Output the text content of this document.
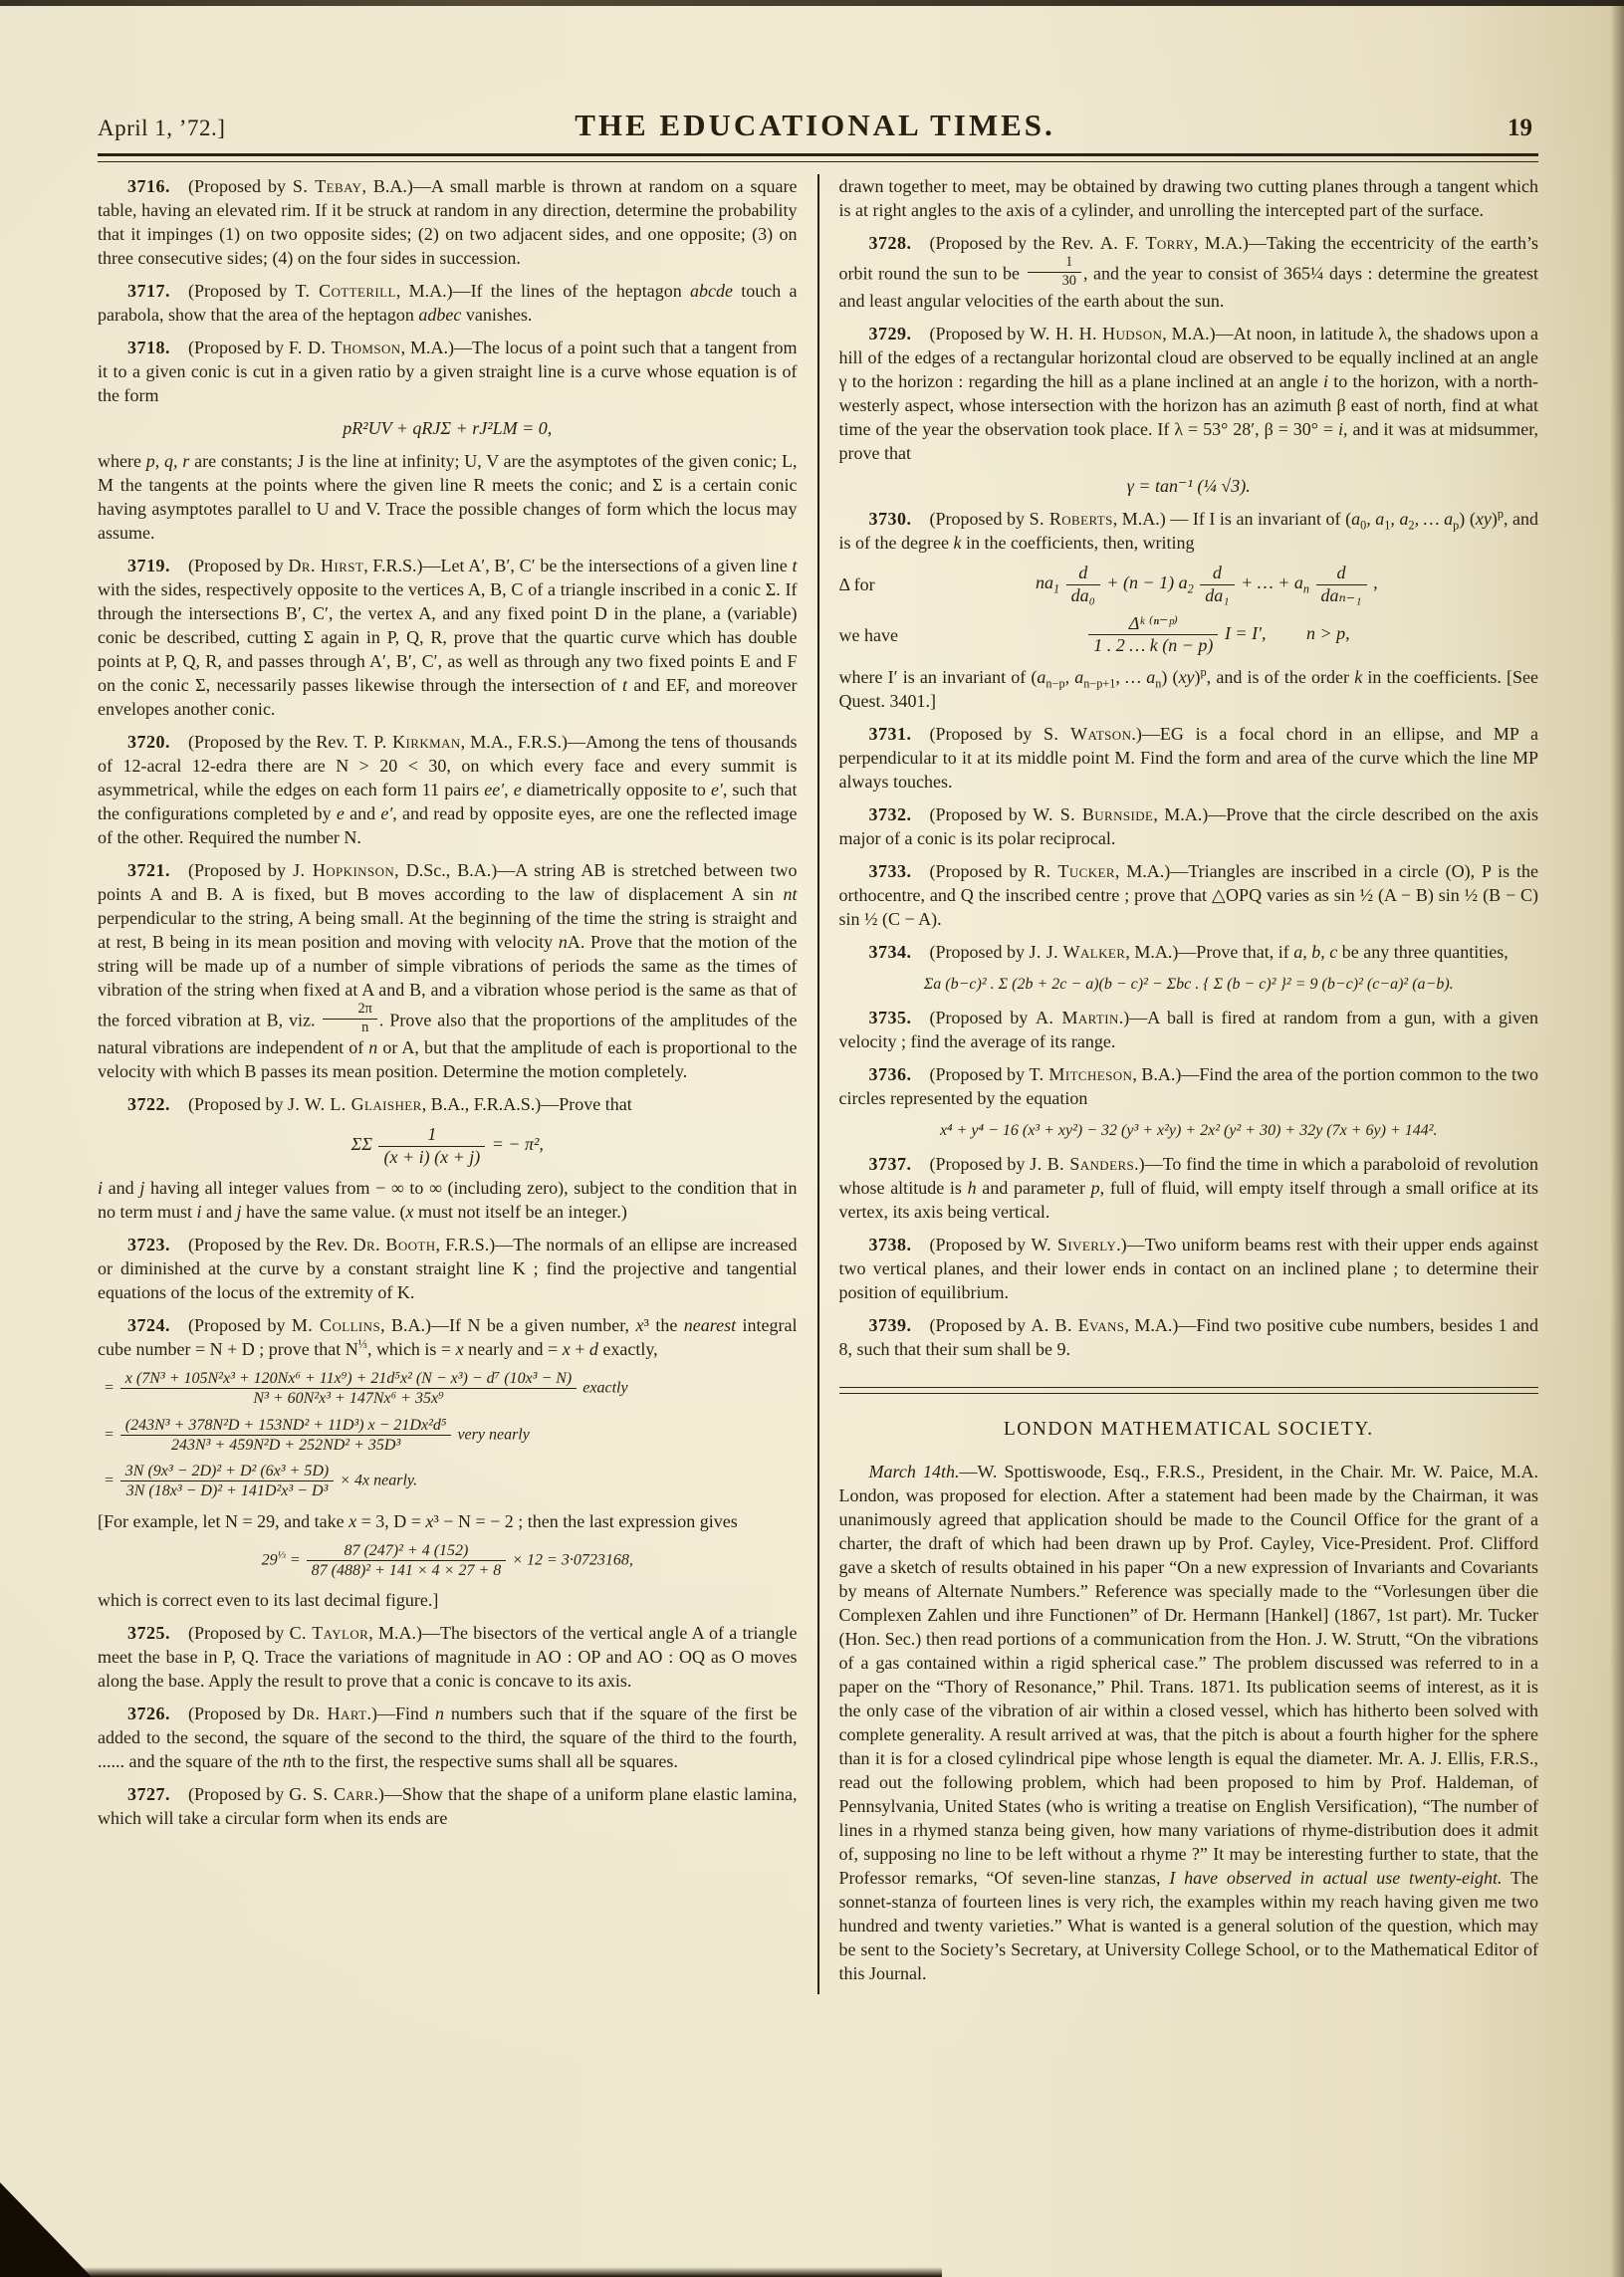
April 1, ’72.]	THE EDUCATIONAL TIMES.	19

3716.   (Proposed by S. Tebay, B.A.)—A small marble is thrown at random on a square table, having an elevated rim. If it be struck at random in any direction, determine the probability that it impinges (1) on two opposite sides; (2) on two adjacent sides, and one opposite; (3) on three consecutive sides; (4) on the four sides in succession.

3717.   (Proposed by T. Cotterill, M.A.)—If the lines of the heptagon abcde touch a parabola, show that the area of the heptagon adbec vanishes.

3718.   (Proposed by F. D. Thomson, M.A.)—The locus of a point such that a tangent from it to a given conic is cut in a given ratio by a given straight line is a curve whose equation is of the form

pR²UV + qRJΣ + rJ²LM = 0,

where p, q, r are constants; J is the line at infinity; U, V are the asymptotes of the given conic; L, M the tangents at the points where the given line R meets the conic; and Σ is a certain conic having asymptotes parallel to U and V. Trace the possible changes of form which the locus may assume.

3719.   (Proposed by Dr. Hirst, F.R.S.)—Let A′, B′, C′ be the intersections of a given line t with the sides, respectively opposite to the vertices A, B, C of a triangle inscribed in a conic Σ. If through the intersections B′, C′, the vertex A, and any fixed point D in the plane, a (variable) conic be described, cutting Σ again in P, Q, R, prove that the quartic curve which has double points at P, Q, R, and passes through A′, B′, C′, as well as through any two fixed points E and F on the conic Σ, necessarily passes likewise through the intersection of t and EF, and moreover envelopes another conic.

3720.   (Proposed by the Rev. T. P. Kirkman, M.A., F.R.S.)—Among the tens of thousands of 12-acral 12-edra there are N > 20 < 30, on which every face and every summit is asymmetrical, while the edges on each form 11 pairs ee′, e diametrically opposite to e′, such that the configurations completed by e and e′, and read by opposite eyes, are one the reflected image of the other. Required the number N.

3721.   (Proposed by J. Hopkinson, D.Sc., B.A.)—A string AB is stretched between two points A and B. A is fixed, but B moves according to the law of displacement A sin nt perpendicular to the string, A being small. At the beginning of the time the string is straight and at rest, B being in its mean position and moving with velocity nA. Prove that the motion of the string will be made up of a number of simple vibrations of periods the same as the times of vibration of the string when fixed at A and B, and a vibration whose period is the same as that of the forced vibration at B, viz. $\frac{2\pi}{n}$ . Prove also that the proportions of the amplitudes of the natural vibrations are independent of n or A, but that the amplitude of each is proportional to the velocity with which B passes its mean position. Determine the motion completely.

3722.   (Proposed by J. W. L. Glaisher, B.A., F.R.A.S.)—Prove that

ΣΣ $\frac{1}{(x + i) (x + j)}$ = − π²,

i and j having all integer values from − ∞ to ∞ (including zero), subject to the condition that in no term must i and j have the same value. (x must not itself be an integer.)

3723.   (Proposed by the Rev. Dr. Booth, F.R.S.)—The normals of an ellipse are increased or diminished at the curve by a constant straight line K ; find the projective and tangential equations of the locus of the extremity of K.

3724.   (Proposed by M. Collins, B.A.)—If N be a given number, x³ the nearest integral cube number = N + D ; prove that $N^{\frac{1}{3}}$, which is = x nearly and = x + d exactly,

=
x (7N³ + 105N²x³ + 120Nx⁶ + 11x⁹) + 21d⁵x² (N − x³) − d⁷ (10x³ − N)
N³ + 60N²x³ + 147Nx⁶ + 35x⁹
exactly
= $\frac{\text{(243N³ + 378N²D + 153ND² + 11D³) x − 21Dx²d⁵}}{\text{243N³ + 459N²D + 252ND² + 35D³}}$ very nearly
= $\frac{\text{3N (9x³ − 2D)² + D² (6x³ + 5D)}}{\text{3N (18x³ − D)² + 141D²x³ − D³}} \times 4x$ nearly.

[For example, let N = 29, and take x = 3, D = x³ − N = − 2 ; then the last expression gives

$29^{\frac{1}{3}} = \frac{\text{87 (247)² + 4 (152)}}{\text{87 (488)² + 141 × 4 × 27 + 8}} \times 12 = 3\cdot 0723168$,

which is correct even to its last decimal figure.]

3725.   (Proposed by C. Taylor, M.A.)—The bisectors of the vertical angle A of a triangle meet the base in P, Q. Trace the variations of magnitude in AO : OP and AO : OQ as O moves along the base. Apply the result to prove that a conic is concave to its axis.

3726.   (Proposed by Dr. Hart.)—Find n numbers such that if the square of the first be added to the second, the square of the second to the third, the square of the third to the fourth, ...... and the square of the nth to the first, the respective sums shall all be squares.

3727.   (Proposed by G. S. Carr.)—Show that the shape of a uniform plane elastic lamina, which will take a circular form when its ends are

drawn together to meet, may be obtained by drawing two cutting planes through a tangent which is at right angles to the axis of a cylinder, and unrolling the intercepted part of the surface.

3728.   (Proposed by the Rev. A. F. Torry, M.A.)—Taking the eccentricity of the earth’s orbit round the sun to be $\frac{1}{30}$ , and the year to consist of 365¼ days : determine the greatest and least angular velocities of the earth about the sun.

3729.   (Proposed by W. H. H. Hudson, M.A.)—At noon, in latitude λ, the shadows upon a hill of the edges of a rectangular horizontal cloud are observed to be equally inclined at an angle γ to the horizon : regarding the hill as a plane inclined at an angle i to the horizon, with a north-westerly aspect, whose intersection with the horizon has an azimuth β east of north, find at what time of the year the observation took place. If λ = 53° 28′, β = 30° = i, and it was at midsummer, prove that

γ = tan⁻¹ (¼ √3).

3730.   (Proposed by S. Roberts, M.A.) — If I is an invariant of ($a_0$, $a_1$, $a_2$, … $a_p$) (xy)$^p$, and is of the degree k in the coefficients, then, writing

Δ for	$na_1 \frac{d}{\text{da₀}} + (n - 1)$ $a_2 \frac{d}{\text{da₁}}$ + … + $a_n \frac{d}{\text{daₙ₋₁}}$ ,
we have	$\frac{\text{Δᵏ ⁽ⁿ⁻ᵖ⁾}}{1 . 2 \dots k (n - p)}$ I = I′,   n > p,

where I′ is an invariant of ($a_{n-p}$, $a_{n-p+1}$, … $a_n$) (xy)$^p$, and is of the order k in the coefficients. [See Quest. 3401.]

3731.   (Proposed by S. Watson.)—EG is a focal chord in an ellipse, and MP a perpendicular to it at its middle point M. Find the form and area of the curve which the line MP always touches.

3732.   (Proposed by W. S. Burnside, M.A.)—Prove that the circle described on the axis major of a conic is its polar reciprocal.

3733.   (Proposed by R. Tucker, M.A.)—Triangles are inscribed in a circle (O), P is the orthocentre, and Q the inscribed centre ; prove that △OPQ varies as sin ½ (A − B) sin ½ (B − C) sin ½ (C − A).

3734.   (Proposed by J. J. Walker, M.A.)—Prove that, if a, b, c be any three quantities,

Σa (b−c)² . Σ (2b + 2c − a)(b − c)² − Σbc . { Σ (b − c)² }² = 9 (b−c)² (c−a)² (a−b).

3735.   (Proposed by A. Martin.)—A ball is fired at random from a gun, with a given velocity ; find the average of its range.

3736.   (Proposed by T. Mitcheson, B.A.)—Find the area of the portion common to the two circles represented by the equation

x⁴ + y⁴ − 16 (x³ + xy²) − 32 (y³ + x²y) + 2x² (y² + 30) + 32y (7x + 6y) + 144².

3737.   (Proposed by J. B. Sanders.)—To find the time in which a paraboloid of revolution whose altitude is h and parameter p, full of fluid, will empty itself through a small orifice at its vertex, its axis being vertical.

3738.   (Proposed by W. Siverly.)—Two uniform beams rest with their upper ends against two vertical planes, and their lower ends in contact on an inclined plane ; to determine their position of equilibrium.

3739.   (Proposed by A. B. Evans, M.A.)—Find two positive cube numbers, besides 1 and 8, such that their sum shall be 9.

LONDON MATHEMATICAL SOCIETY.

March 14th.—W. Spottiswoode, Esq., F.R.S., President, in the Chair. Mr. W. Paice, M.A. London, was proposed for election. After a statement had been made by the Chairman, it was unanimously agreed that application should be made to the Council Office for the grant of a charter, the draft of which had been drawn up by Prof. Cayley, Vice-President. Prof. Clifford gave a sketch of results obtained in his paper “On a new expression of Invariants and Covariants by means of Alternate Numbers.” Reference was specially made to the “Vorlesungen über die Complexen Zahlen und ihre Functionen” of Dr. Hermann [Hankel] (1867, 1st part). Mr. Tucker (Hon. Sec.) then read portions of a communication from the Hon. J. W. Strutt, “On the vibrations of a gas contained within a rigid spherical case.” The problem discussed was referred to in a paper on the “Thory of Resonance,” Phil. Trans. 1871. Its publication seems of interest, as it is the only case of the vibration of air within a closed vessel, which has hitherto been solved with complete generality. A result arrived at was, that the pitch is about a fourth higher for the sphere than it is for a closed cylindrical pipe whose length is equal the diameter. Mr. A. J. Ellis, F.R.S., read out the following problem, which had been proposed to him by Prof. Haldeman, of Pennsylvania, United States (who is writing a treatise on English Versification), “The number of lines in a rhymed stanza being given, how many variations of rhyme-distribution does it admit of, supposing no line to be left without a rhyme ?” It may be interesting further to state, that the Professor remarks, “Of seven-line stanzas, I have observed in actual use twenty-eight. The sonnet-stanza of fourteen lines is very rich, the examples within my reach having given me two hundred and twenty varieties.” What is wanted is a general solution of the question, which may be sent to the Society’s Secretary, at University College School, or to the Mathematical Editor of this Journal.
